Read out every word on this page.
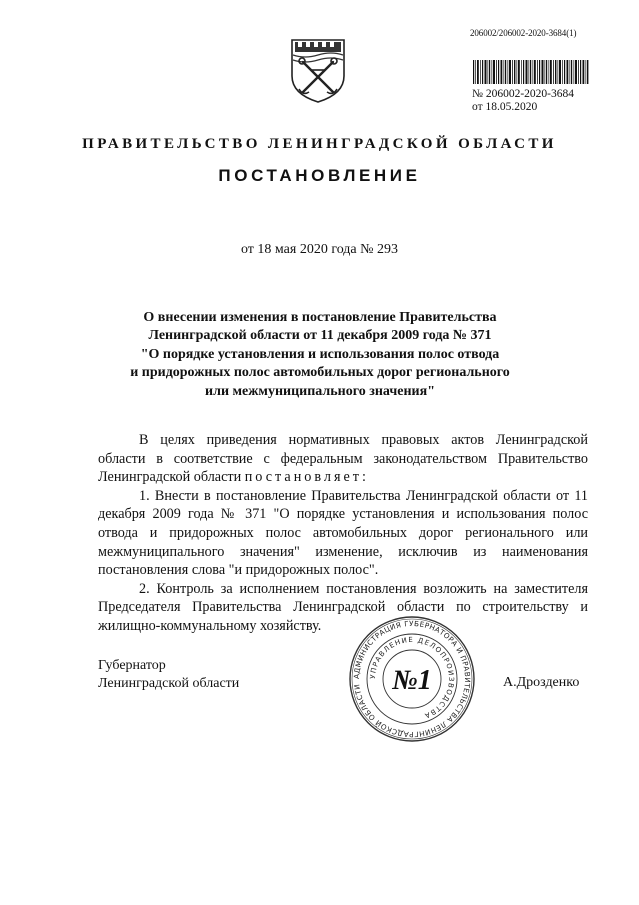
206002/206002-2020-3684(1)
№ 206002-2020-3684
от 18.05.2020
ПРАВИТЕЛЬСТВО ЛЕНИНГРАДСКОЙ ОБЛАСТИ
ПОСТАНОВЛЕНИЕ
от 18 мая 2020 года № 293
О внесении изменения в постановление Правительства
Ленинградской области от 11 декабря 2009 года № 371
"О порядке установления и использования полос отвода
и придорожных полос автомобильных дорог регионального
или межмуниципального значения"

В целях приведения нормативных правовых актов Ленинградской области в соответствие с федеральным законодательством Правительство Ленинградской области постановляет:

1. Внести в постановление Правительства Ленинградской области от 11 декабря 2009 года № 371 "О порядке установления и использования полос отвода и придорожных полос автомобильных дорог регионального или межмуниципального значения" изменение, исключив из наименования постановления слова "и придорожных полос".

2. Контроль за исполнением постановления возложить на заместителя Председателя Правительства Ленинградской области по строительству и жилищно-коммунальному хозяйству.

Губернатор
Ленинградской области	АДМИНИСТРАЦИЯ ГУБЕРНАТОРА И ПРАВИТЕЛЬСТВА ЛЕНИНГРАДСКОЙ ОБЛАСТИ
УПРАВЛЕНИЕ ДЕЛОПРОИЗВОДСТВА
№1	А.Дрозденко
